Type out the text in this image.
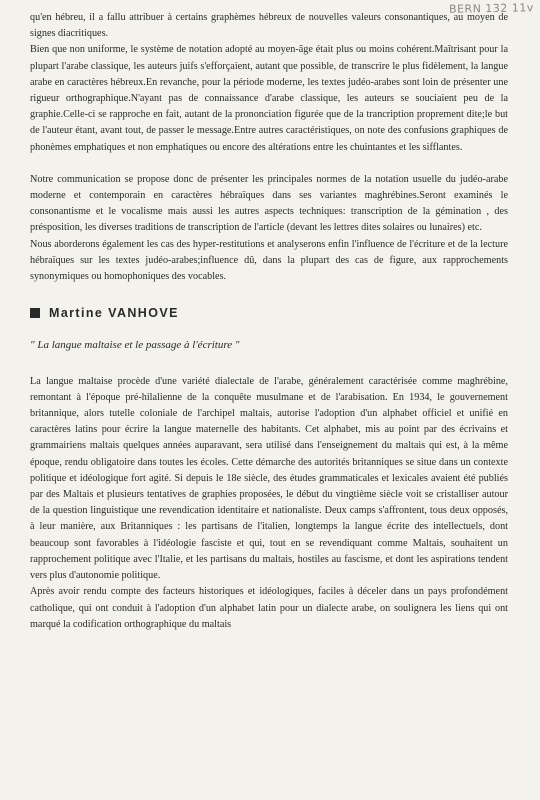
BERN 132 11v

qu'en hébreu, il a fallu attribuer à certains graphèmes hébreux de nouvelles valeurs consonantiques, au moyen de signes diacritiques.

Bien que non uniforme, le système de notation adopté au moyen-âge était plus ou moins cohérent.Maîtrisant pour la plupart l'arabe classique, les auteurs juifs s'efforçaient, autant que possible, de transcrire le plus fidèlement, la langue arabe en caractères hébreux.En revanche, pour la période moderne, les textes judéo-arabes sont loin de présenter une rigueur orthographique.N'ayant pas de connaissance d'arabe classique, les auteurs se souciaient peu de la graphie.Celle-ci se rapproche en fait, autant de la prononciation figurée que de la trancription proprement dite;le but de l'auteur étant, avant tout, de passer le message.Entre autres caractéristiques, on note des confusions graphiques de phonèmes emphatiques et non emphatiques ou encore des altérations entre les chuintantes et les sifflantes.

Notre communication se propose donc de présenter les principales normes de la notation usuelle du judéo-arabe moderne et contemporain en caractères hébraïques dans ses variantes maghrébines.Seront examinés le consonantisme et le vocalisme mais aussi les autres aspects techniques: transcription de la gémination , des présposition, les diverses traditions de transcription de l'article (devant les lettres dites solaires ou lunaires) etc.

Nous aborderons également les cas des hyper-restitutions et analyserons enfin l'influence de l'écriture et de la lecture hébraïques sur les textes judéo-arabes;influence dû, dans la plupart des cas de figure, aux rapprochements synonymiques ou homophoniques des vocables.

Martine VANHOVE

" La langue maltaise et le passage à l'écriture "

La langue maltaise procède d'une variété dialectale de l'arabe, généralement caractérisée comme maghrébine, remontant à l'époque pré-hilalienne de la conquête musulmane et de l'arabisation. En 1934, le gouvernement britannique, alors tutelle coloniale de l'archipel maltais, autorise l'adoption d'un alphabet officiel et unifié en caractères latins pour écrire la langue maternelle des habitants. Cet alphabet, mis au point par des écrivains et grammairiens maltais quelques années auparavant, sera utilisé dans l'enseignement du maltais qui est, à la même époque, rendu obligatoire dans toutes les écoles. Cette démarche des autorités britanniques se situe dans un contexte politique et idéologique fort agité. Si depuis le 18e siècle, des études grammaticales et lexicales avaient été publiés par des Maltais et plusieurs tentatives de graphies proposées, le début du vingtième siècle voit se cristalliser autour de la question linguistique une revendication identitaire et nationaliste. Deux camps s'affrontent, tous deux opposés, à leur manière, aux Britanniques : les partisans de l'italien, longtemps la langue écrite des intellectuels, dont beaucoup sont favorables à l'idéologie fasciste et qui, tout en se revendiquant comme Maltais, souhaitent un rapprochement politique avec l'Italie, et les partisans du maltais, hostiles au fascisme, et dont les aspirations tendent vers plus d'autonomie politique.

Après avoir rendu compte des facteurs historiques et idéologiques, faciles à déceler dans un pays profondément catholique, qui ont conduit à l'adoption d'un alphabet latin pour un dialecte arabe, on soulignera les liens qui ont marqué la codification orthographique du maltais
